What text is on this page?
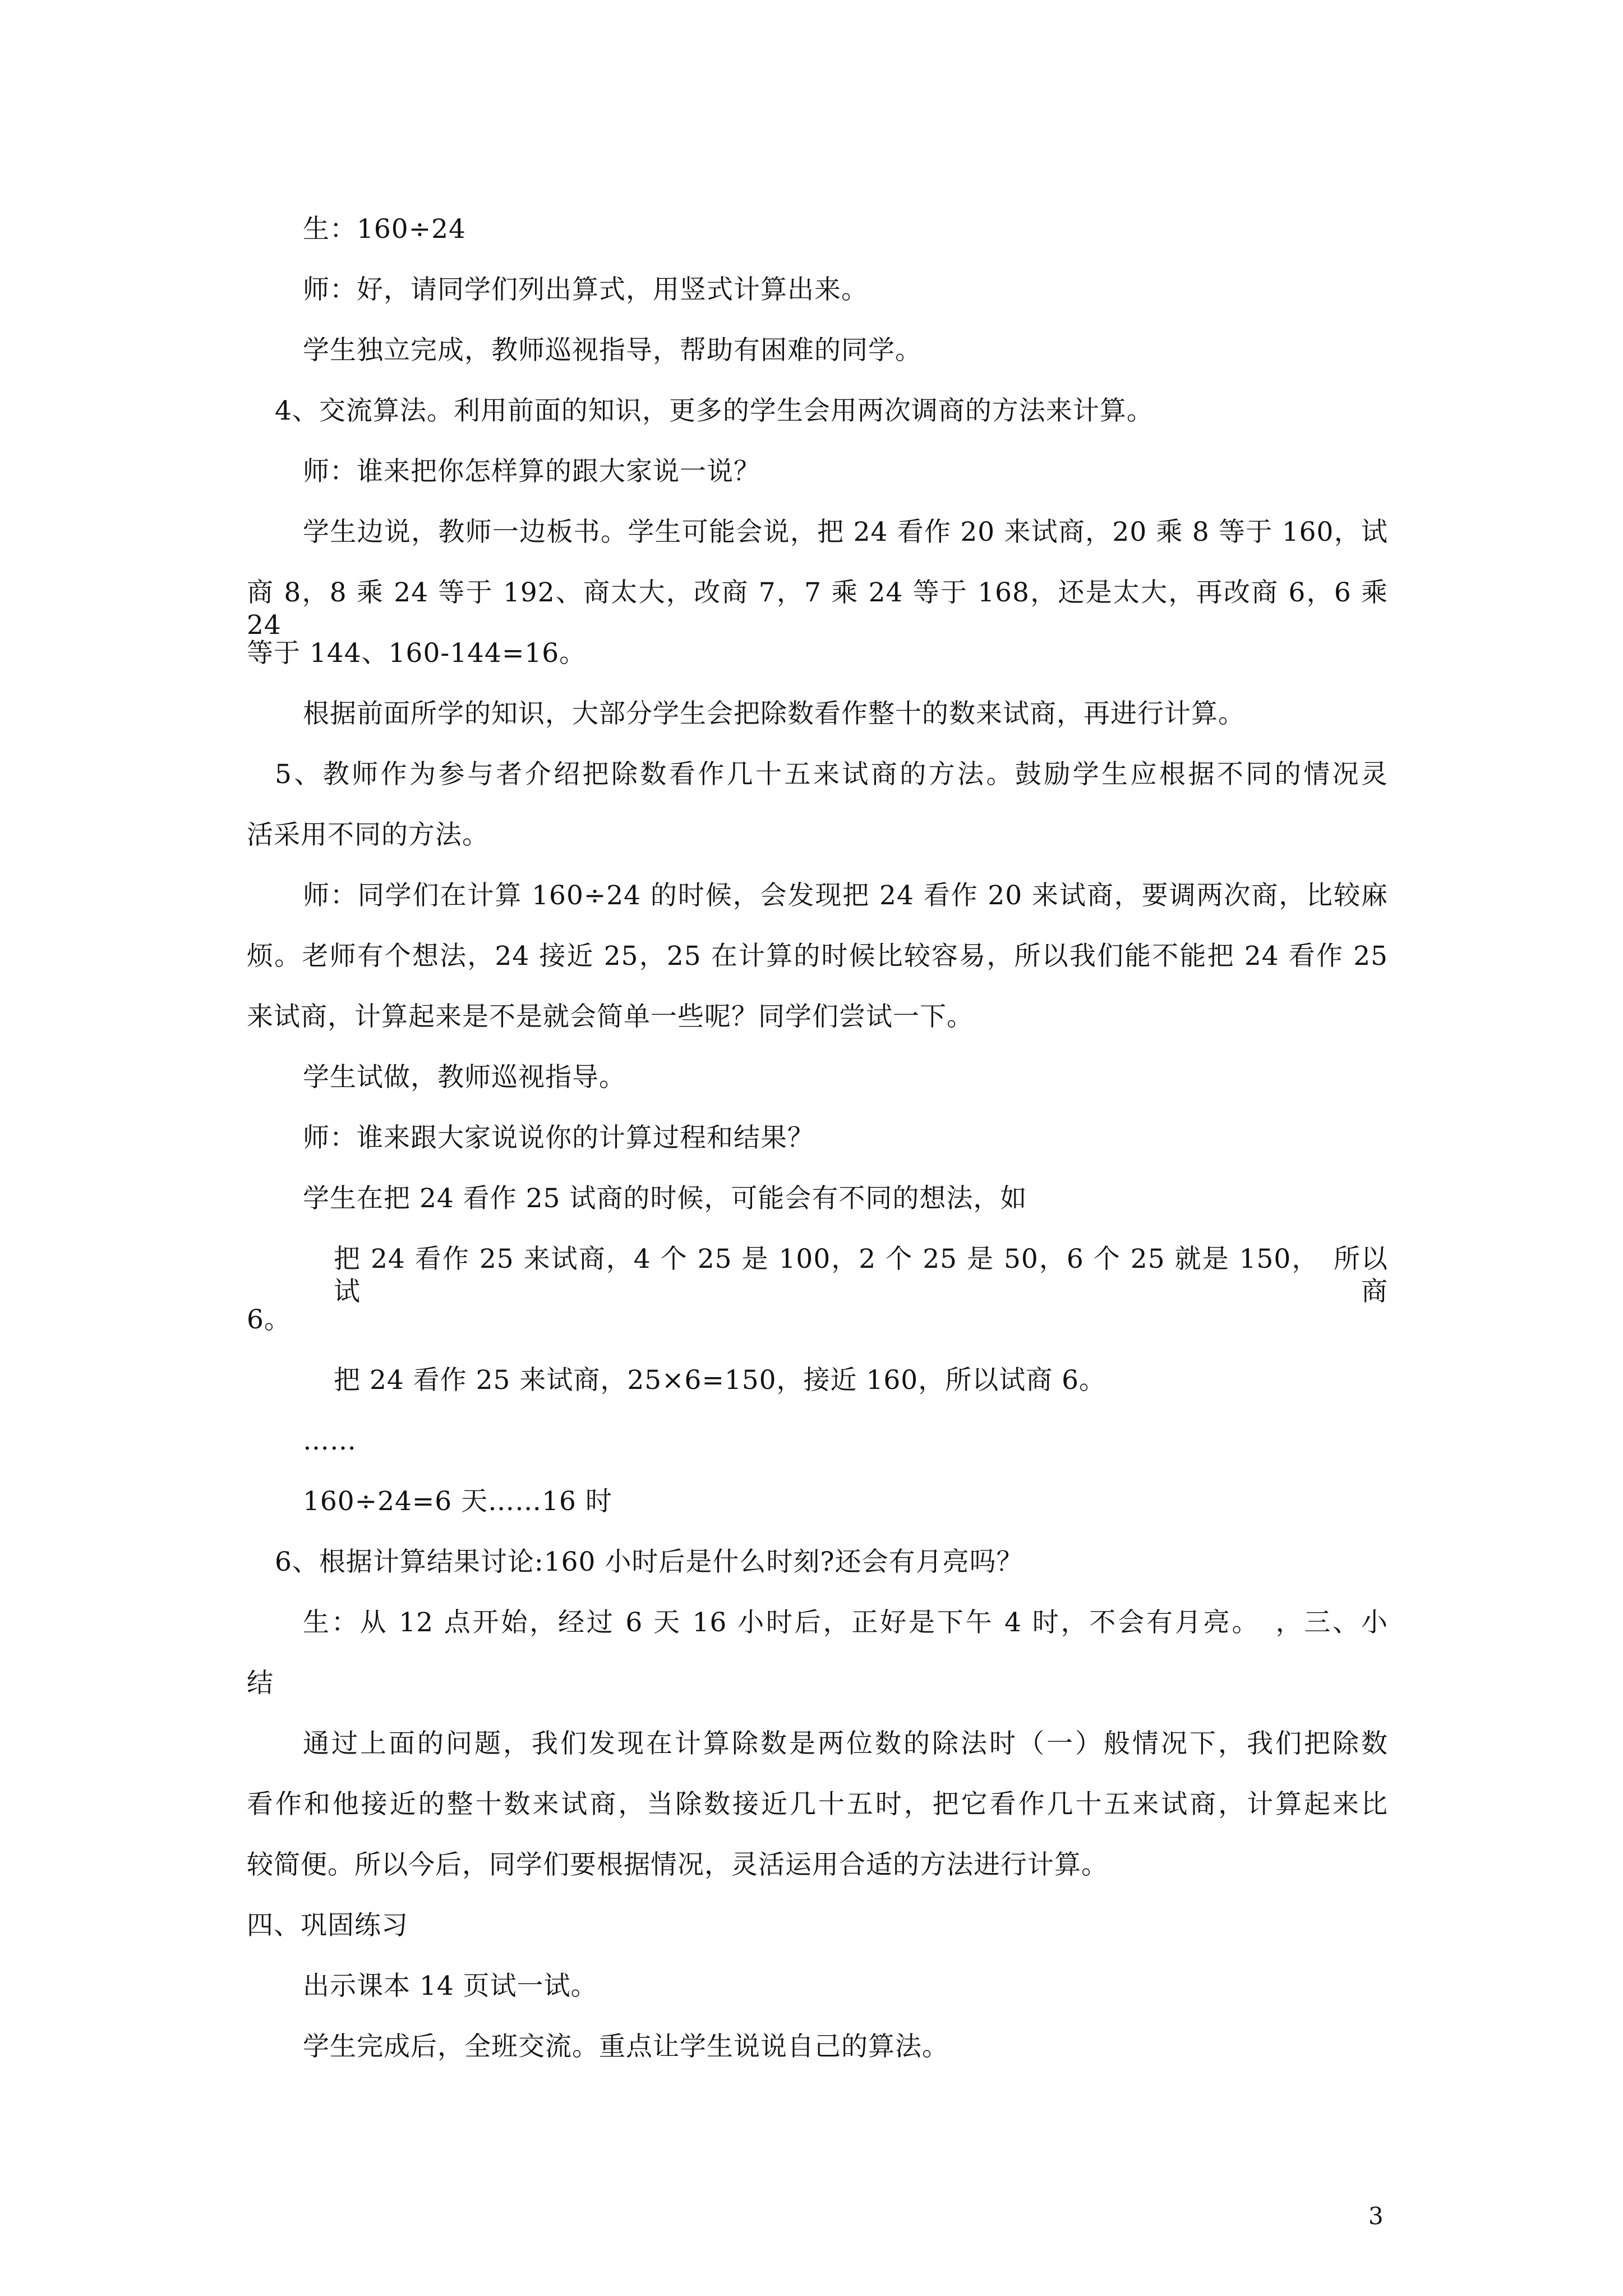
生：160÷24
师：好，请同学们列出算式，用竖式计算出来。
学生独立完成，教师巡视指导，帮助有困难的同学。
4、交流算法。利用前面的知识，更多的学生会用两次调商的方法来计算。
师：谁来把你怎样算的跟大家说一说？
学生边说，教师一边板书。学生可能会说，把 24 看作 20 来试商，20 乘 8 等于 160，试
商 8，8 乘 24 等于 192、商太大，改商 7，7 乘 24 等于 168，还是太大，再改商 6，6 乘 24
等于 144、160-144=16。
根据前面所学的知识，大部分学生会把除数看作整十的数来试商，再进行计算。
5、教师作为参与者介绍把除数看作几十五来试商的方法。鼓励学生应根据不同的情况灵
活采用不同的方法。
师：同学们在计算 160÷24 的时候，会发现把 24 看作 20 来试商，要调两次商，比较麻
烦。老师有个想法，24 接近 25，25 在计算的时候比较容易，所以我们能不能把 24 看作 25
来试商，计算起来是不是就会简单一些呢？同学们尝试一下。
学生试做，教师巡视指导。
师：谁来跟大家说说你的计算过程和结果？
学生在把 24 看作 25 试商的时候，可能会有不同的想法，如
把 24 看作 25 来试商，4 个 25 是 100，2 个 25 是 50，6 个 25 就是 150，　所以试商
6。
把 24 看作 25 来试商，25×6=150，接近 160，所以试商 6。
……
160÷24=6 天……16 时
6、根据计算结果讨论:160 小时后是什么时刻?还会有月亮吗？
生：从 12 点开始，经过 6 天 16 小时后，正好是下午 4 时，不会有月亮。　，三、小
结
通过上面的问题，我们发现在计算除数是两位数的除法时（一）般情况下，我们把除数
看作和他接近的整十数来试商，当除数接近几十五时，把它看作几十五来试商，计算起来比
较简便。所以今后，同学们要根据情况，灵活运用合适的方法进行计算。
四、巩固练习
出示课本 14 页试一试。
学生完成后，全班交流。重点让学生说说自己的算法。
3
